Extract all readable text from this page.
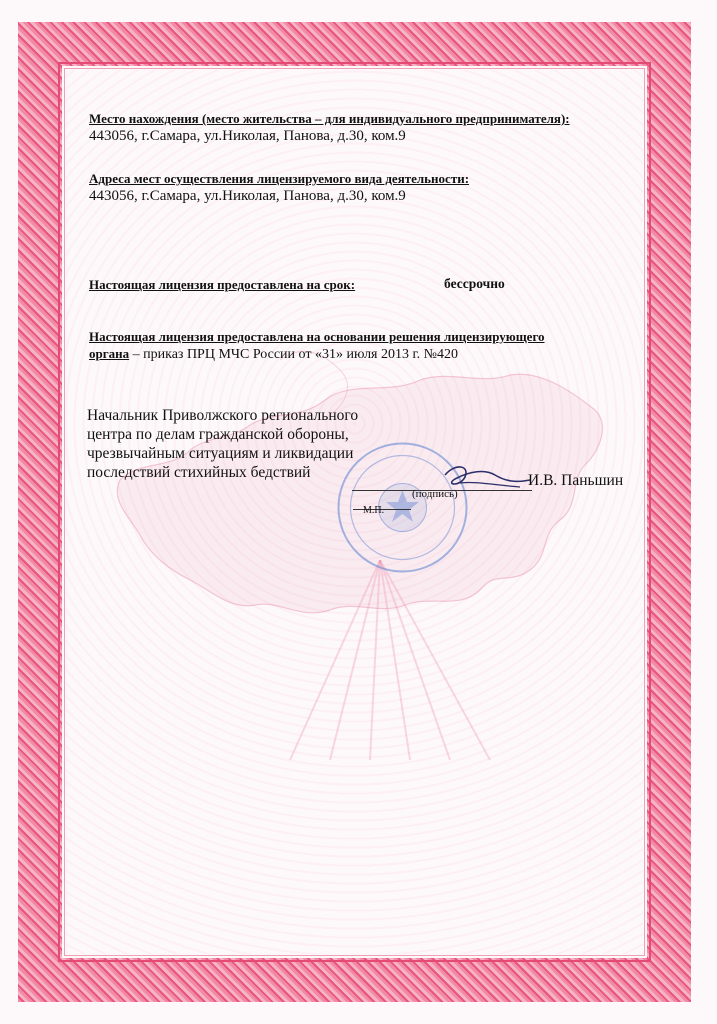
Место нахождения (место жительства – для индивидуального предпринимателя):
443056, г.Самара, ул.Николая, Панова, д.30, ком.9
Адреса мест осуществления лицензируемого вида деятельности:
443056, г.Самара, ул.Николая, Панова, д.30, ком.9
Настоящая лицензия предоставлена на срок:	бессрочно
Настоящая лицензия предоставлена на основании решения лицензирующего
органа – приказ ПРЦ МЧС России от «31» июля 2013 г. №420
Начальник Приволжского регионального
центра по делам гражданской обороны,
чрезвычайным ситуациям и ликвидации
последствий стихийных бедствий	И.В. Паньшин
(подпись)
М.П.
